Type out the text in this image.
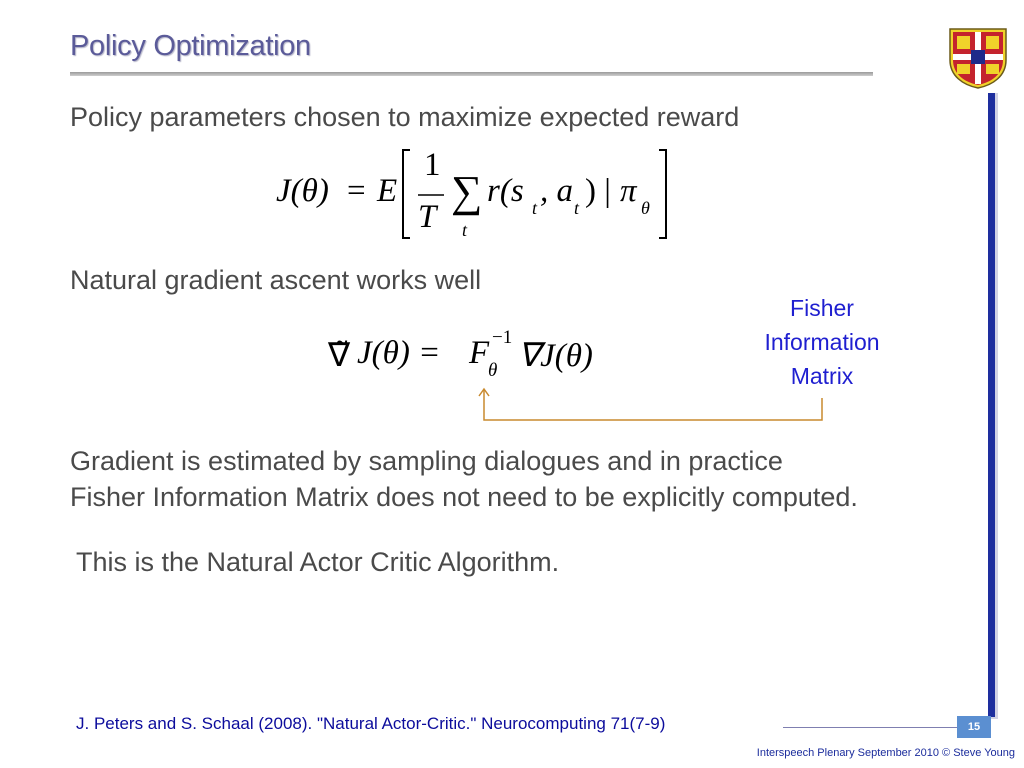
Policy Optimization
Policy parameters chosen to maximize expected reward
J(θ) = E
1
T
∑
t
r(s t , a t ) | π θ
Natural gradient ascent works well
∇̃ J(θ) = F −1
θ ∇J(θ)
Fisher
Information
Matrix
Gradient is estimated by sampling dialogues and in practice
Fisher Information Matrix does not need to be explicitly computed.
This is the Natural Actor Critic Algorithm.
J. Peters and S. Schaal (2008). "Natural Actor-Critic." Neurocomputing 71(7-9)	15
Interspeech Plenary September 2010 © Steve Young
